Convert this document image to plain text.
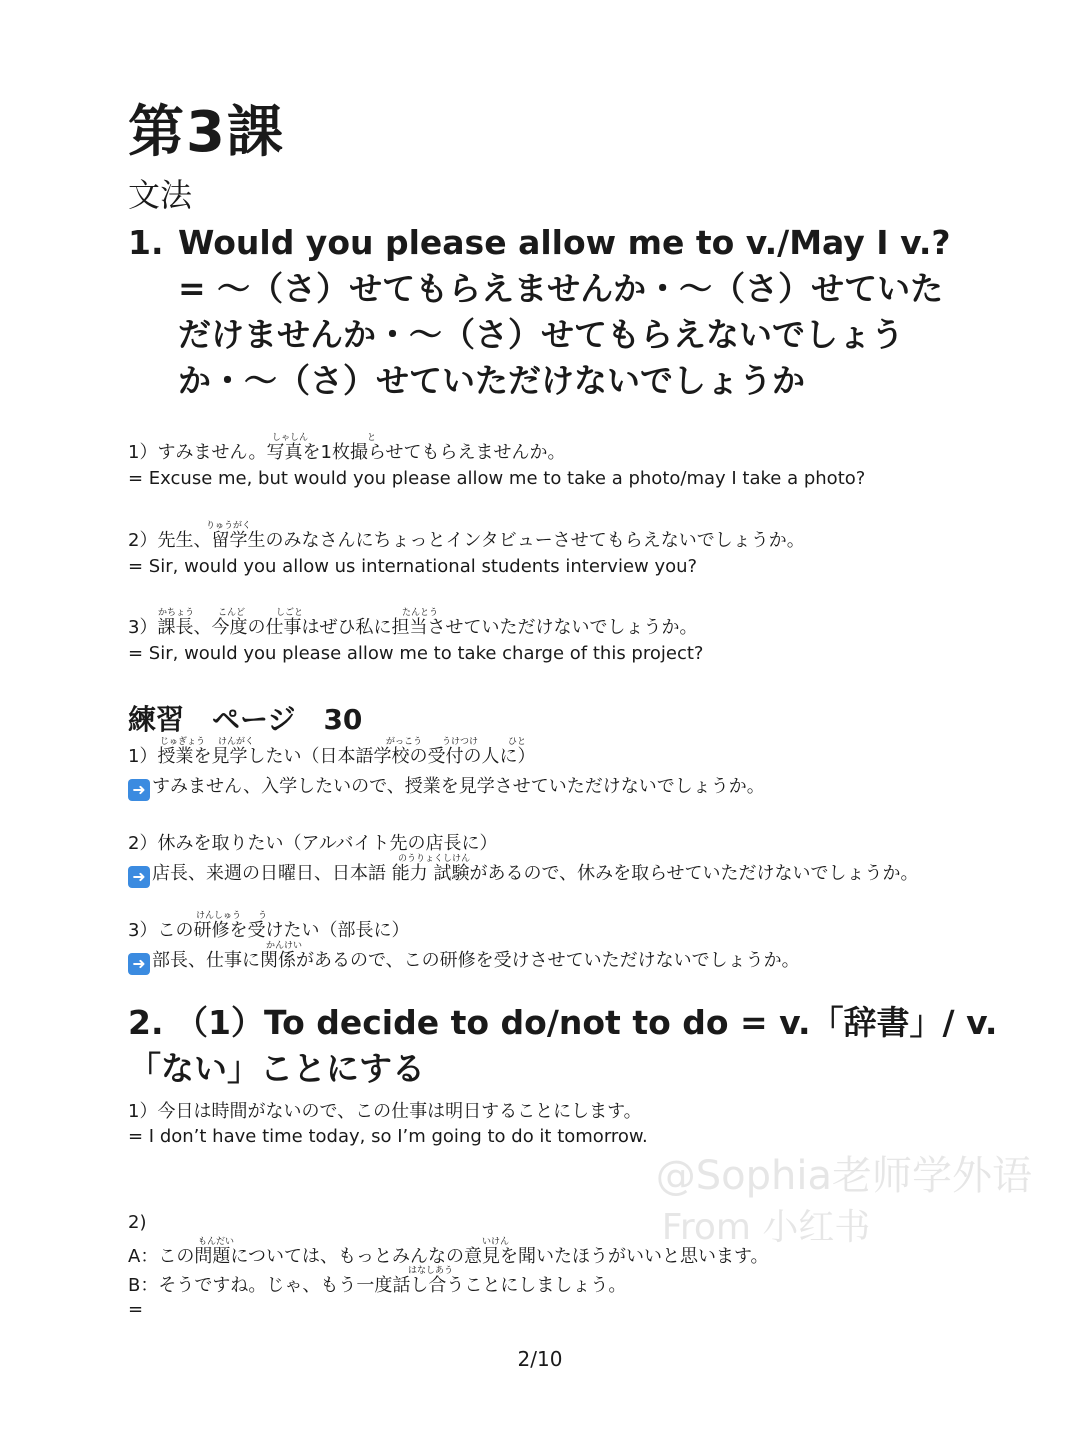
第3課
文法
1. Would you please allow me to v./May I v.? = 〜（さ）せてもらえませんか・〜（さ）せていただけませんか・〜（さ）せてもらえないでしょうか・〜（さ）せていただけないでしょうか
1）すみません。写真を1枚撮らせてもらえませんか。
= Excuse me, but would you please allow me to take a photo/may I take a photo?
2）先生、留学生のみなさんにちょっとインタビューさせてもらえないでしょうか。
= Sir, would you allow us international students interview you?
3）課長、今度の仕事はぜひ私に担当させていただけないでしょうか。
= Sir, would you please allow me to take charge of this project?
練習　ページ　30
1）授業を見学したい（日本語学校の受付の人に）
➜ すみません、入学したいので、授業を見学させていただけないでしょうか。
2）休みを取りたい（アルバイト先の店長に）
➜ 店長、来週の日曜日、日本語 能力 試験があるので、休みを取らせていただけないでしょうか。
3）この研修を受けたい（部長に）
➜ 部長、仕事に関係があるので、この研修を受けさせていただけないでしょうか。
しゃしん	と
りゅうがく
かちょう	こんど	しごと	たんとう
じゅぎょう けんがく	がっこう うけつけ	ひと
のうりょくしけん
けんしゅう う
かんけい
2. （1）To decide to do/not to do = v.「辞書」/ v.
「ない」ことにする
1）今日は時間がないので、この仕事は明日することにします。
= I don’t have time today, so I’m going to do it tomorrow.
2)
もんだい	いけん
A：この問題については、もっとみんなの意見を聞いたほうがいいと思います。
はなしあう
B：そうですね。じゃ、もう一度話し合うことにしましょう。
=
@Sophia老师学外语
From 小红书
2/10
